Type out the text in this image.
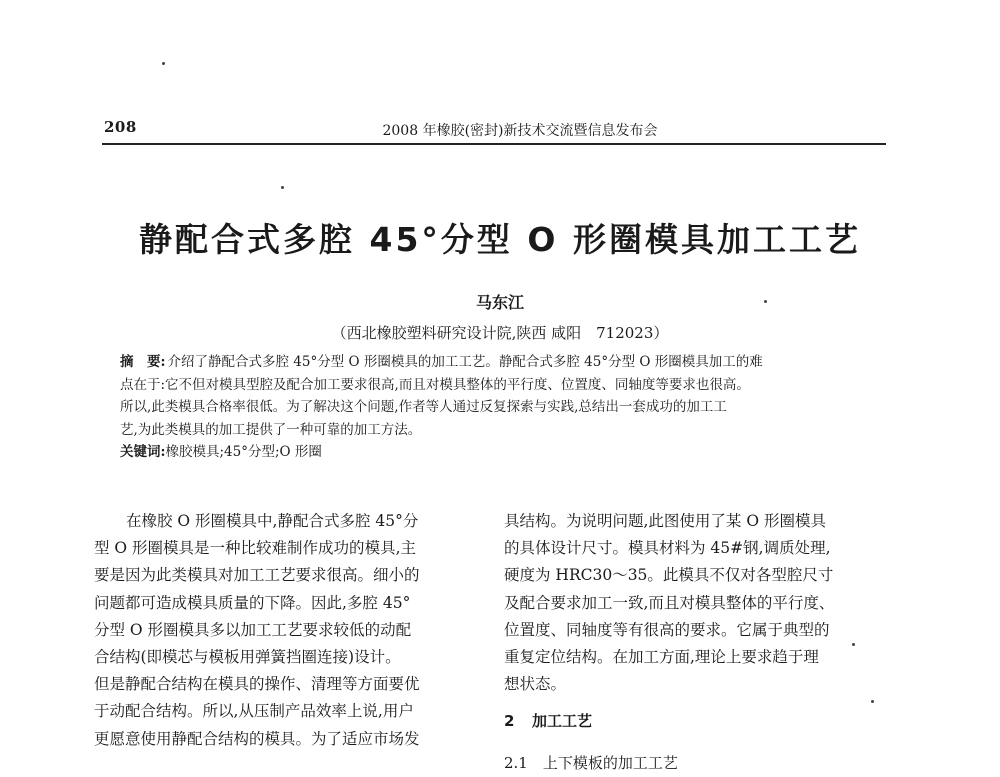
208	2008 年橡胶(密封)新技术交流暨信息发布会
静配合式多腔 45°分型 O 形圈模具加工工艺
马东江
（西北橡胶塑料研究设计院,陕西 咸阳　712023）
摘　要: 介绍了静配合式多腔 45°分型 O 形圈模具的加工工艺。静配合式多腔 45°分型 O 形圈模具加工的难
点在于:它不但对模具型腔及配合加工要求很高,而且对模具整体的平行度、位置度、同轴度等要求也很高。
所以,此类模具合格率很低。为了解决这个问题,作者等人通过反复探索与实践,总结出一套成功的加工工
艺,为此类模具的加工提供了一种可靠的加工方法。
关键词:橡胶模具;45°分型;O 形圈
在橡胶 O 形圈模具中,静配合式多腔 45°分
型 O 形圈模具是一种比较难制作成功的模具,主
要是因为此类模具对加工工艺要求很高。细小的
问题都可造成模具质量的下降。因此,多腔 45°
分型 O 形圈模具多以加工工艺要求较低的动配
合结构(即模芯与模板用弹簧挡圈连接)设计。
但是静配合结构在模具的操作、清理等方面要优
于动配合结构。所以,从压制产品效率上说,用户
更愿意使用静配合结构的模具。为了适应市场发
具结构。为说明问题,此图使用了某 O 形圈模具
的具体设计尺寸。模具材料为 45#钢,调质处理,
硬度为 HRC30～35。此模具不仅对各型腔尺寸
及配合要求加工一致,而且对模具整体的平行度、
位置度、同轴度等有很高的要求。它属于典型的
重复定位结构。在加工方面,理论上要求趋于理
想状态。
2 加工工艺
2.1　上下模板的加工工艺
